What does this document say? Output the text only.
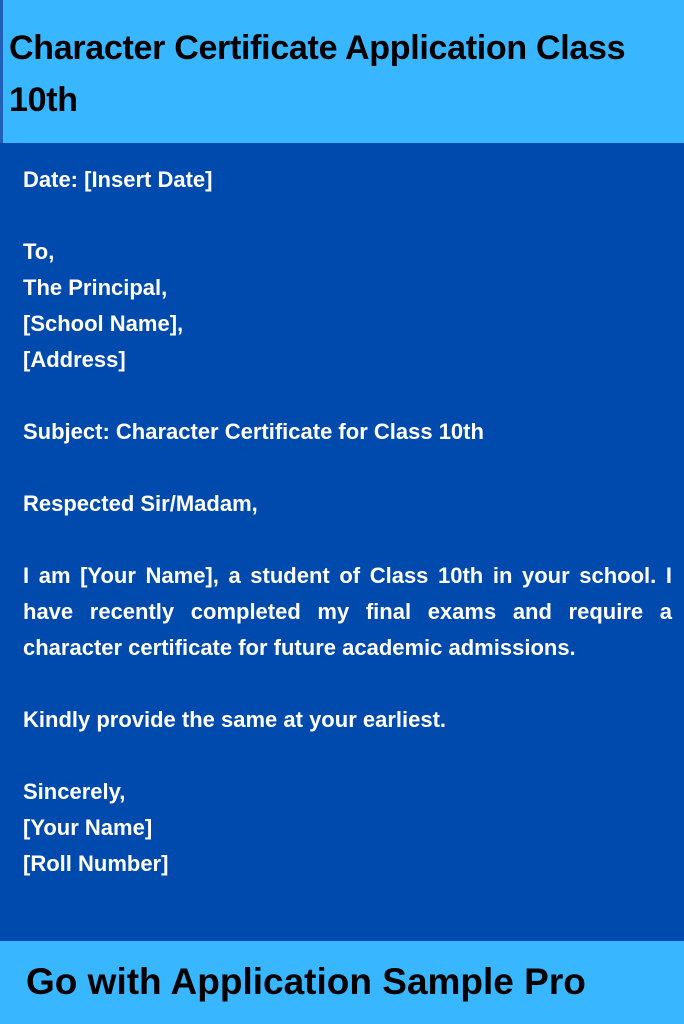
Character Certificate Application Class 10th
Date: [Insert Date]
To,
The Principal,
[School Name],
[Address]
Subject: Character Certificate for Class 10th
Respected Sir/Madam,

I am [Your Name], a student of Class 10th in your school. I have recently completed my final exams and require a character certificate for future academic admissions.

Kindly provide the same at your earliest.
Sincerely,
[Your Name]
[Roll Number]

Go with Application Sample Pro
